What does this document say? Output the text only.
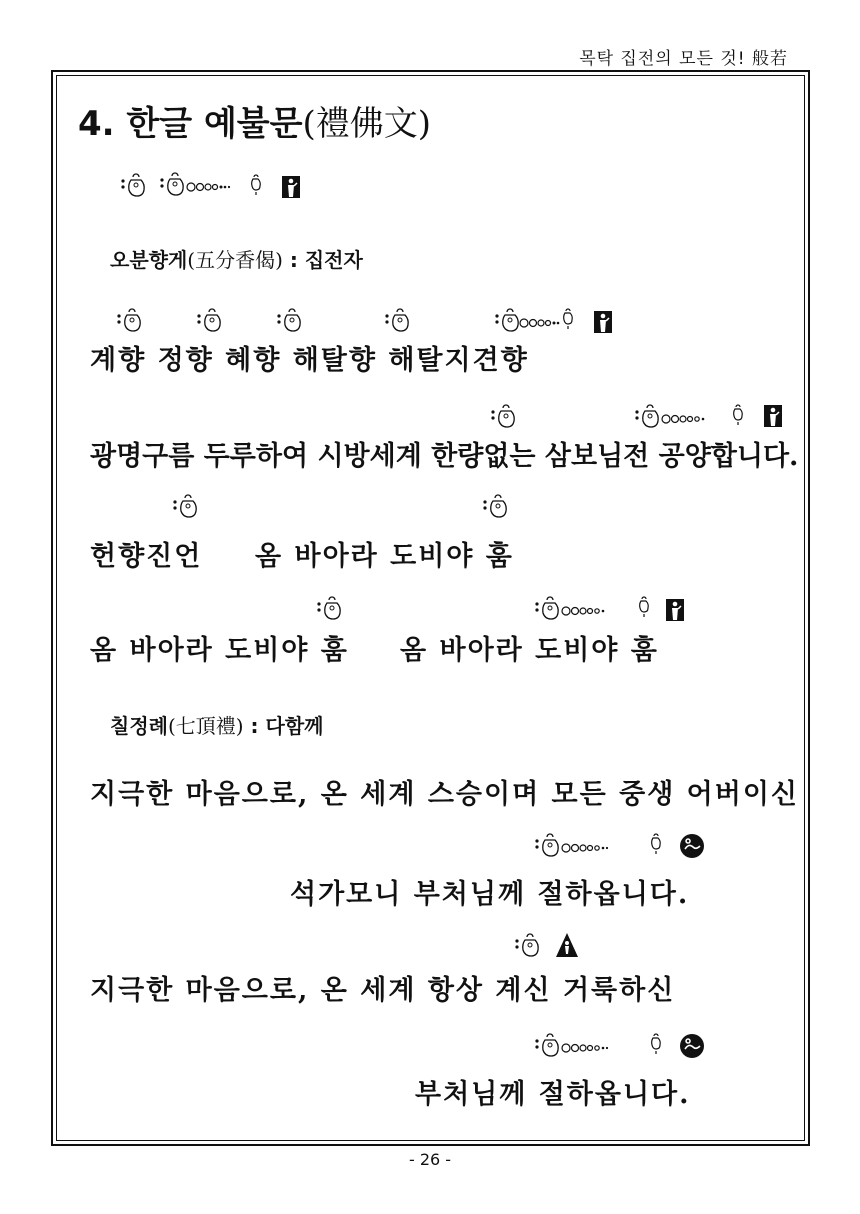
목탁 집전의 모든 것! 般若
4. 한글 예불문(禮佛文)
오분향게(五分香偈) : 집전자
계향 정향 혜향 해탈향 해탈지견향
광명구름 두루하여 시방세계 한량없는 삼보님전 공양합니다.
헌향진언 옴 바아라 도비야 훔
옴 바아라 도비야 훔 옴 바아라 도비야 훔
칠정례(七頂禮) : 다함께
지극한 마음으로, 온 세계 스승이며 모든 중생 어버이신
석가모니 부처님께 절하옵니다.
지극한 마음으로, 온 세계 항상 계신 거룩하신
부처님께 절하옵니다.
- 26 -
